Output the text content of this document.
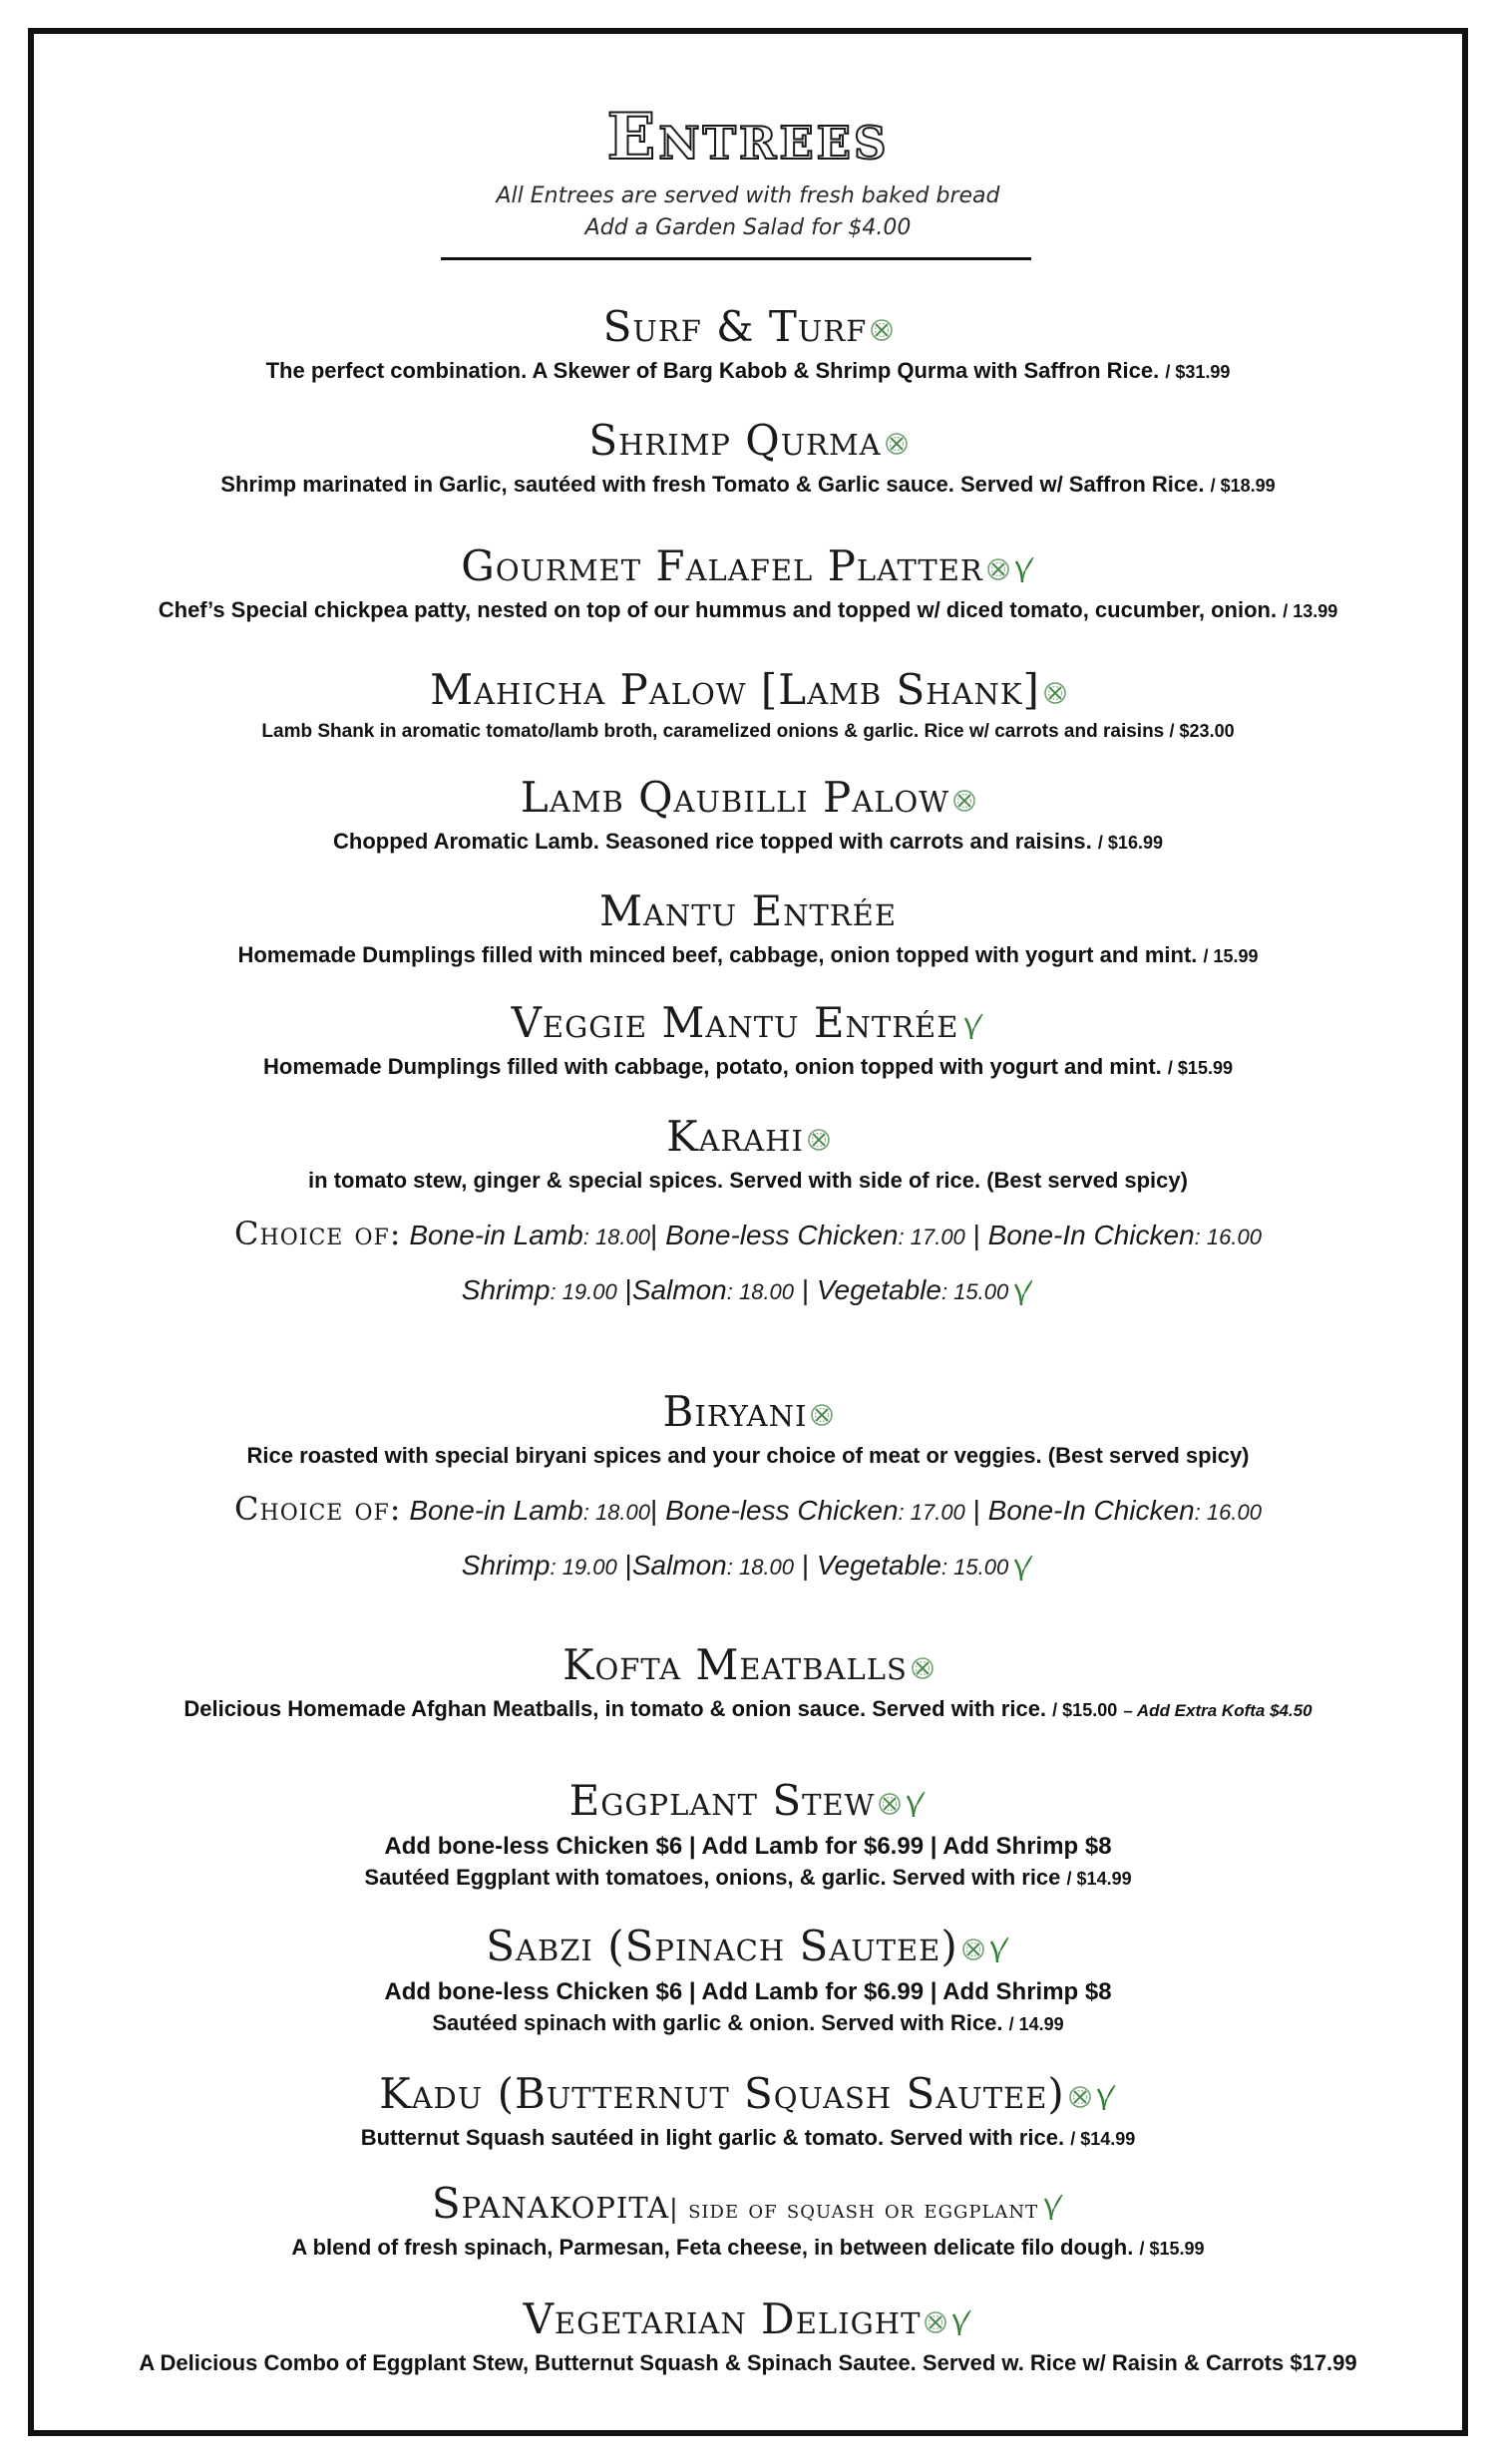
Entrees
All Entrees are served with fresh baked bread
Add a Garden Salad for $4.00
Surf & Turf
The perfect combination. A Skewer of Barg Kabob & Shrimp Qurma with Saffron Rice. / $31.99
Shrimp Qurma
Shrimp marinated in Garlic, sautéed with fresh Tomato & Garlic sauce. Served w/ Saffron Rice. / $18.99
Gourmet Falafel Platter
Chef’s Special chickpea patty, nested on top of our hummus and topped w/ diced tomato, cucumber, onion. / 13.99
Mahicha Palow [Lamb Shank]
Lamb Shank in aromatic tomato/lamb broth, caramelized onions & garlic. Rice w/ carrots and raisins / $23.00
Lamb Qaubilli Palow
Chopped Aromatic Lamb. Seasoned rice topped with carrots and raisins. / $16.99
Mantu Entrée
Homemade Dumplings filled with minced beef, cabbage, onion topped with yogurt and mint. / 15.99
Veggie Mantu Entrée
Homemade Dumplings filled with cabbage, potato, onion topped with yogurt and mint. / $15.99
Karahi
in tomato stew, ginger & special spices. Served with side of rice. (Best served spicy)
Choice of: Bone-in Lamb: 18.00| Bone-less Chicken: 17.00 | Bone-In Chicken: 16.00
Shrimp: 19.00 |Salmon: 18.00 | Vegetable: 15.00
Biryani
Rice roasted with special biryani spices and your choice of meat or veggies. (Best served spicy)
Choice of: Bone-in Lamb: 18.00| Bone-less Chicken: 17.00 | Bone-In Chicken: 16.00
Shrimp: 19.00 |Salmon: 18.00 | Vegetable: 15.00
Kofta Meatballs
Delicious Homemade Afghan Meatballs, in tomato & onion sauce. Served with rice. / $15.00 – Add Extra Kofta $4.50
Eggplant Stew
Add bone-less Chicken $6 | Add Lamb for $6.99 | Add Shrimp $8
Sautéed Eggplant with tomatoes, onions, & garlic. Served with rice / $14.99
Sabzi (Spinach Sautee)
Add bone-less Chicken $6 | Add Lamb for $6.99 | Add Shrimp $8
Sautéed spinach with garlic & onion. Served with Rice. / 14.99
Kadu (Butternut Squash Sautee)
Butternut Squash sautéed in light garlic & tomato. Served with rice. / $14.99
Spanakopita| side of squash or eggplant
A blend of fresh spinach, Parmesan, Feta cheese, in between delicate filo dough. / $15.99
Vegetarian Delight
A Delicious Combo of Eggplant Stew, Butternut Squash & Spinach Sautee. Served w. Rice w/ Raisin & Carrots $17.99
